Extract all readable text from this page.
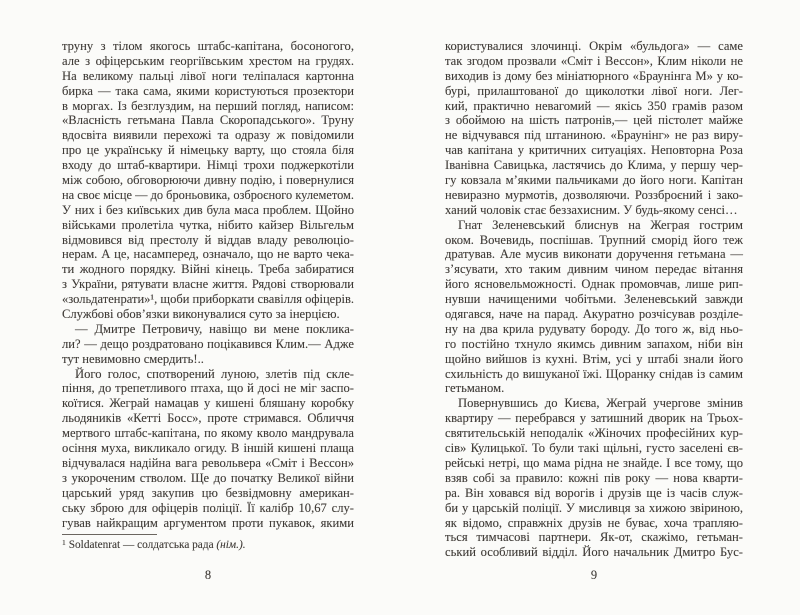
труну з тілом якогось штабс-капітана, босоногого,
але з офіцерським георгіївським хрестом на грудях.
На великому пальці лівої ноги теліпалася картонна
бирка — така сама, якими користуються прозектори
в моргах. Із безглуздим, на перший погляд, написом:
«Власність гетьмана Павла Скоропадського». Труну
вдосвіта виявили перехожі та одразу ж повідомили
про це українську й німецьку варту, що стояла біля
входу до штаб-квартири. Німці трохи поджеркотіли
між собою, обговорюючи дивну подію, і повернулися
на своє місце — до броньовика, озброєного кулеметом.
У них і без київських див була маса проблем. Щойно
військами пролетіла чутка, нібито кайзер Вільгельм
відмовився від престолу й віддав владу революціо-
нерам. А це, насамперед, означало, що не варто чека-
ти жодного порядку. Війні кінець. Треба забиратися
з України, рятувати власне життя. Рядові створювали
«зольдатенрати»¹, щоби приборкати свавілля офіцерів.
Службові обов’язки виконувалися суто за інерцією.
— Дмитре Петровичу, навіщо ви мене поклика-
ли? — дещо роздратовано поцікавився Клим.— Адже
тут невимовно смердить!..
Його голос, спотворений луною, злетів під скле-
піння, до трепетливого птаха, що й досі не міг заспо-
коїтися. Жеграй намацав у кишені бляшану коробку
льодяників «Кетті Босс», проте стримався. Обличчя
мертвого штабс-капітана, по якому кволо мандрувала
осіння муха, викликало огиду. В іншій кишені плаща
відчувалася надійна вага револьвера «Сміт і Вессон»
з укороченим стволом. Ще до початку Великої війни
царський уряд закупив цю безвідмовну американ-
ську зброю для офіцерів поліції. Її калібр 10,67 слу-
гував найкращим аргументом проти пукавок, якими
$^1$ Soldatenrat — солдатська рада (нім.).
8
користувалися злочинці. Окрім «бульдога» — саме
так згодом прозвали «Сміт і Вессон», Клим ніколи не
виходив із дому без мініатюрного «Браунінга М» у ко-
бурі, прилаштованої до щиколотки лівої ноги. Лег-
кий, практично невагомий — якісь 350 грамів разом
з обоймою на шість патронів,— цей пістолет майже
не відчувався під штаниною. «Браунінг» не раз виру-
чав капітана у критичних ситуаціях. Неповторна Роза
Іванівна Савицька, ластячись до Клима, у першу чер-
гу ковзала м’якими пальчиками до його ноги. Капітан
невиразно мурмотів, дозволяючи. Роззброєний і зако-
ханий чоловік стає беззахисним. У будь-якому сенсі…
Гнат Зеленевський блиснув на Жеграя гострим
оком. Вочевидь, поспішав. Трупний сморід його теж
дратував. Але мусив виконати доручення гетьмана —
з’ясувати, хто таким дивним чином передає вітання
його ясновельможності. Однак промовчав, лише рип-
нувши начищеними чобітьми. Зеленевський завжди
одягався, наче на парад. Акуратно розчісував розділе-
ну на два крила рудувату бороду. До того ж, від ньо-
го постійно тхнуло якимсь дивним запахом, ніби він
щойно вийшов із кухні. Втім, усі у штабі знали його
схильність до вишуканої їжі. Щоранку снідав із самим
гетьманом.
Повернувшись до Києва, Жеграй учергове змінив
квартиру — перебрався у затишний дворик на Трьох-
святительській неподалік «Жіночих професійних кур-
сів» Кулицької. То були такі щільні, густо заселені єв-
рейські нетрі, що мама рідна не знайде. І все тому, що
взяв собі за правило: кожні пів року — нова кварти-
ра. Він ховався від ворогів і друзів ще із часів служ-
би у царській поліції. У мисливця за хижою звіриною,
як відомо, справжніх друзів не буває, хоча трапляю-
ться тимчасові партнери. Як-от, скажімо, гетьман-
ський особливий відділ. Його начальник Дмитро Бус-
9
